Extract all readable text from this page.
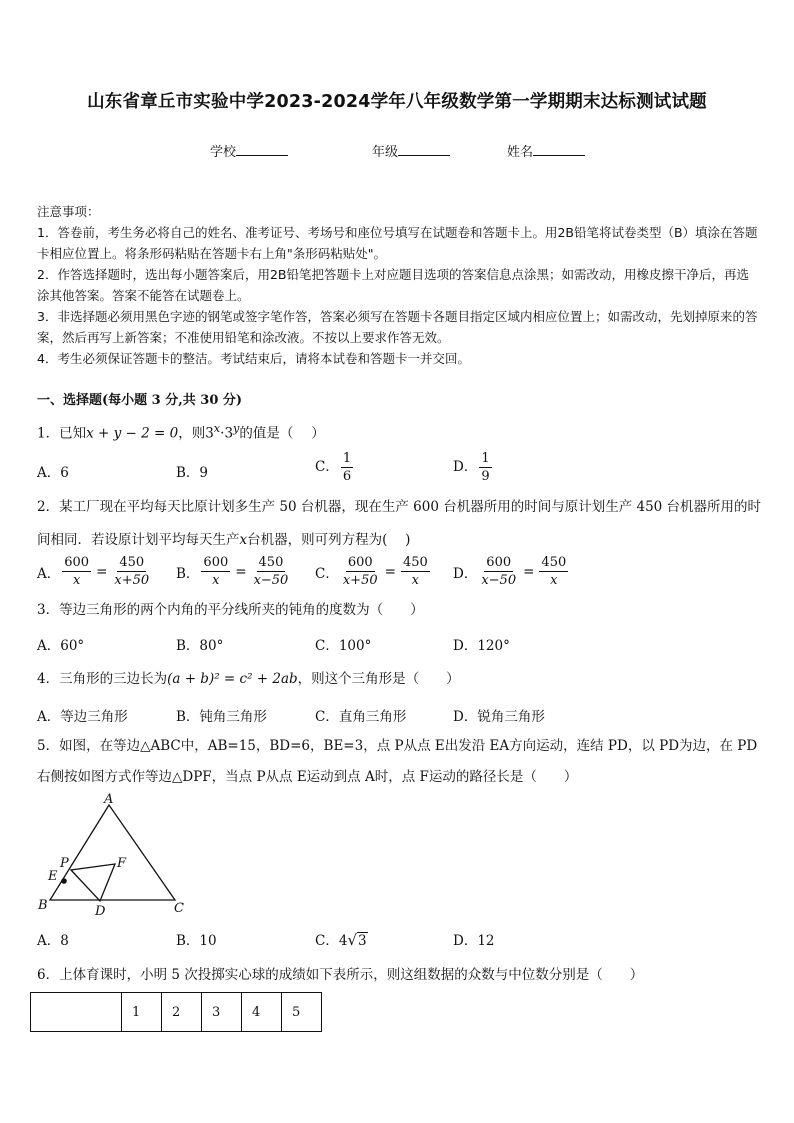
山东省章丘市实验中学2023-2024学年八年级数学第一学期期末达标测试试题
学校	年级	姓名
注意事项：
1．答卷前，考生务必将自己的姓名、准考证号、考场号和座位号填写在试题卷和答题卡上。用2B铅笔将试卷类型（B）填涂在答题卡相应位置上。将条形码粘贴在答题卡右上角"条形码粘贴处"。
2．作答选择题时，选出每小题答案后，用2B铅笔把答题卡上对应题目选项的答案信息点涂黑；如需改动，用橡皮擦干净后，再选涂其他答案。答案不能答在试题卷上。
3．非选择题必须用黑色字迹的钢笔或签字笔作答，答案必须写在答题卡各题目指定区域内相应位置上；如需改动，先划掉原来的答案，然后再写上新答案；不准使用铅笔和涂改液。不按以上要求作答无效。
4．考生必须保证答题卡的整洁。考试结束后，请将本试卷和答题卡一并交回。
一、选择题(每小题 3 分,共 30 分)
1．已知x + y − 2 = 0，则$3^x\cdot 3^y$的值是（　 ）
A．6	B．9	C． $\frac{1}{6}$	D． $\frac{1}{9}$
2．某工厂现在平均每天比原计划多生产 50 台机器，现在生产 600 台机器所用的时间与原计划生产 450 台机器所用的时间相同．若设原计划平均每天生产x台机器，则可列方程为(　 )
A． $\frac{600}{x} = \frac{450}{x+50}$ B． $\frac{600}{x} = \frac{450}{x-50}$ C． $\frac{600}{x+50} = \frac{450}{x}$ D． $\frac{600}{x-50} = \frac{450}{x}$
3．等边三角形的两个内角的平分线所夹的钝角的度数为（　　）
A．60°	B．80°	C．100°	D．120°
4．三角形的三边长为(a + b)² = c² + 2ab，则这个三角形是（　　）
A．等边三角形	B．钝角三角形	C．直角三角形	D．锐角三角形
5．如图，在等边△ABC中，AB=15，BD=6，BE=3，点 P从点 E出发沿 EA方向运动，连结 PD，以 PD为边，在 PD右侧按如图方式作等边△DPF，当点 P从点 E运动到点 A时，点 F运动的路径长是（　　）
A
B	C
D
E
F
P
A．8	B．10	C．4√3	D．12
6．上体育课时，小明 5 次投掷实心球的成绩如下表所示，则这组数据的众数与中位数分别是（　　）
	1	2	3	4	5
